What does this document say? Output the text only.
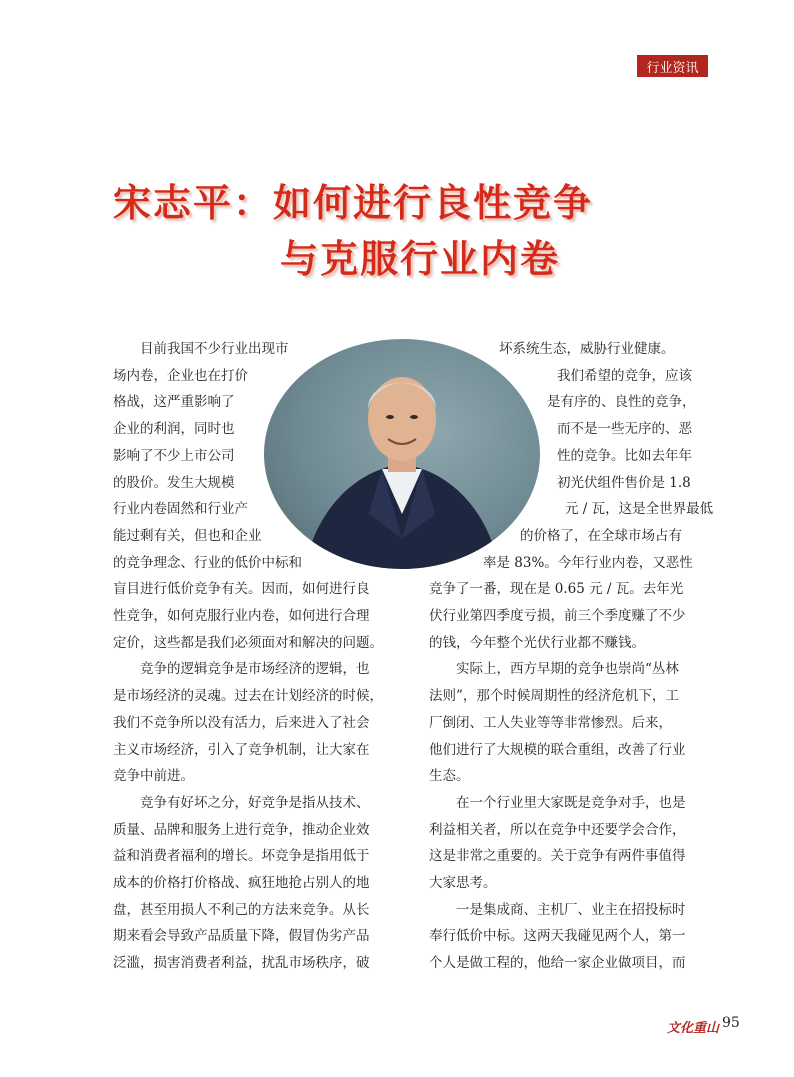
行业资讯
宋志平：如何进行良性竞争
与克服行业内卷
　　目前我国不少行业出现市
场内卷，企业也在打价
格战，这严重影响了
企业的利润，同时也
影响了不少上市公司
的股价。发生大规模
行业内卷固然和行业产
能过剩有关，但也和企业
的竞争理念、行业的低价中标和
盲目进行低价竞争有关。因而，如何进行良
性竞争，如何克服行业内卷，如何进行合理
定价，这些都是我们必须面对和解决的问题。
　　竞争的逻辑竞争是市场经济的逻辑，也
是市场经济的灵魂。过去在计划经济的时候，
我们不竞争所以没有活力，后来进入了社会
主义市场经济，引入了竞争机制，让大家在
竞争中前进。
　　竞争有好坏之分，好竞争是指从技术、
质量、品牌和服务上进行竞争，推动企业效
益和消费者福利的增长。坏竞争是指用低于
成本的价格打价格战、疯狂地抢占别人的地
盘，甚至用损人不利己的方法来竞争。从长
期来看会导致产品质量下降，假冒伪劣产品
泛滥，损害消费者利益，扰乱市场秩序，破
坏系统生态，威胁行业健康。
我们希望的竞争，应该
是有序的、良性的竞争，
而不是一些无序的、恶
性的竞争。比如去年年
初光伏组件售价是 1.8
元 / 瓦，这是全世界最低
的价格了，在全球市场占有
率是 83%。今年行业内卷，又恶性
竞争了一番，现在是 0.65 元 / 瓦。去年光
伏行业第四季度亏损，前三个季度赚了不少
的钱，今年整个光伏行业都不赚钱。
　　实际上，西方早期的竞争也崇尚“丛林
法则”，那个时候周期性的经济危机下，工
厂倒闭、工人失业等等非常惨烈。后来，
他们进行了大规模的联合重组，改善了行业
生态。
　　在一个行业里大家既是竞争对手，也是
利益相关者，所以在竞争中还要学会合作，
这是非常之重要的。关于竞争有两件事值得
大家思考。
　　一是集成商、主机厂、业主在招投标时
奉行低价中标。这两天我碰见两个人，第一
个人是做工程的，他给一家企业做项目，而
文化重山 95
